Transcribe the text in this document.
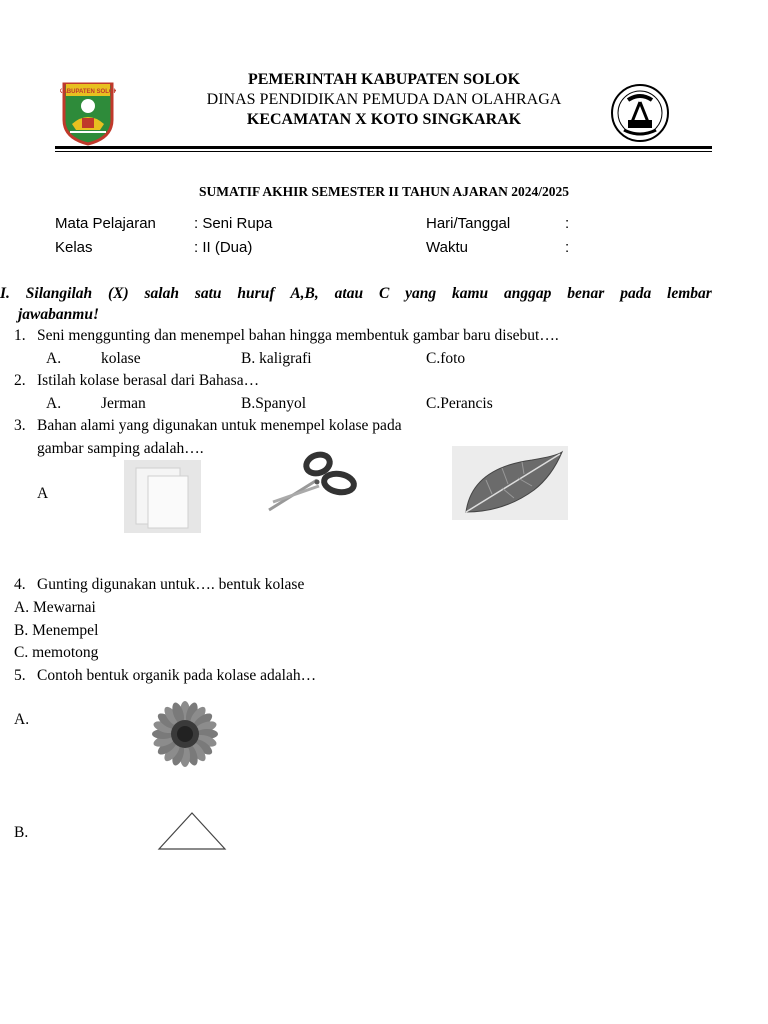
KABUPATEN SOLOK
PEMERINTAH KABUPATEN SOLOK
DINAS PENDIDIKAN PEMUDA DAN OLAHRAGA
KECAMATAN X KOTO SINGKARAK
SUMATIF AKHIR SEMESTER II TAHUN AJARAN 2024/2025
Mata Pelajaran	: Seni Rupa	Hari/Tanggal	:
Kelas	: II (Dua)	Waktu	:
I. Silangilah (X) salah satu huruf A,B, atau C yang kamu anggap benar pada lembar
jawabanmu!
1. Seni menggunting dan menempel bahan hingga membentuk gambar baru disebut….
A.	kolase	B. kaligrafi	C.foto
2. Istilah kolase berasal dari Bahasa…
A.	Jerman	B.Spanyol	C.Perancis
3. Bahan alami yang digunakan untuk menempel kolase pada
gambar samping adalah….
A
4. Gunting digunakan untuk…. bentuk kolase
A. Mewarnai
B. Menempel
C. memotong
5. Contoh bentuk organik pada kolase adalah…
A.
B.
